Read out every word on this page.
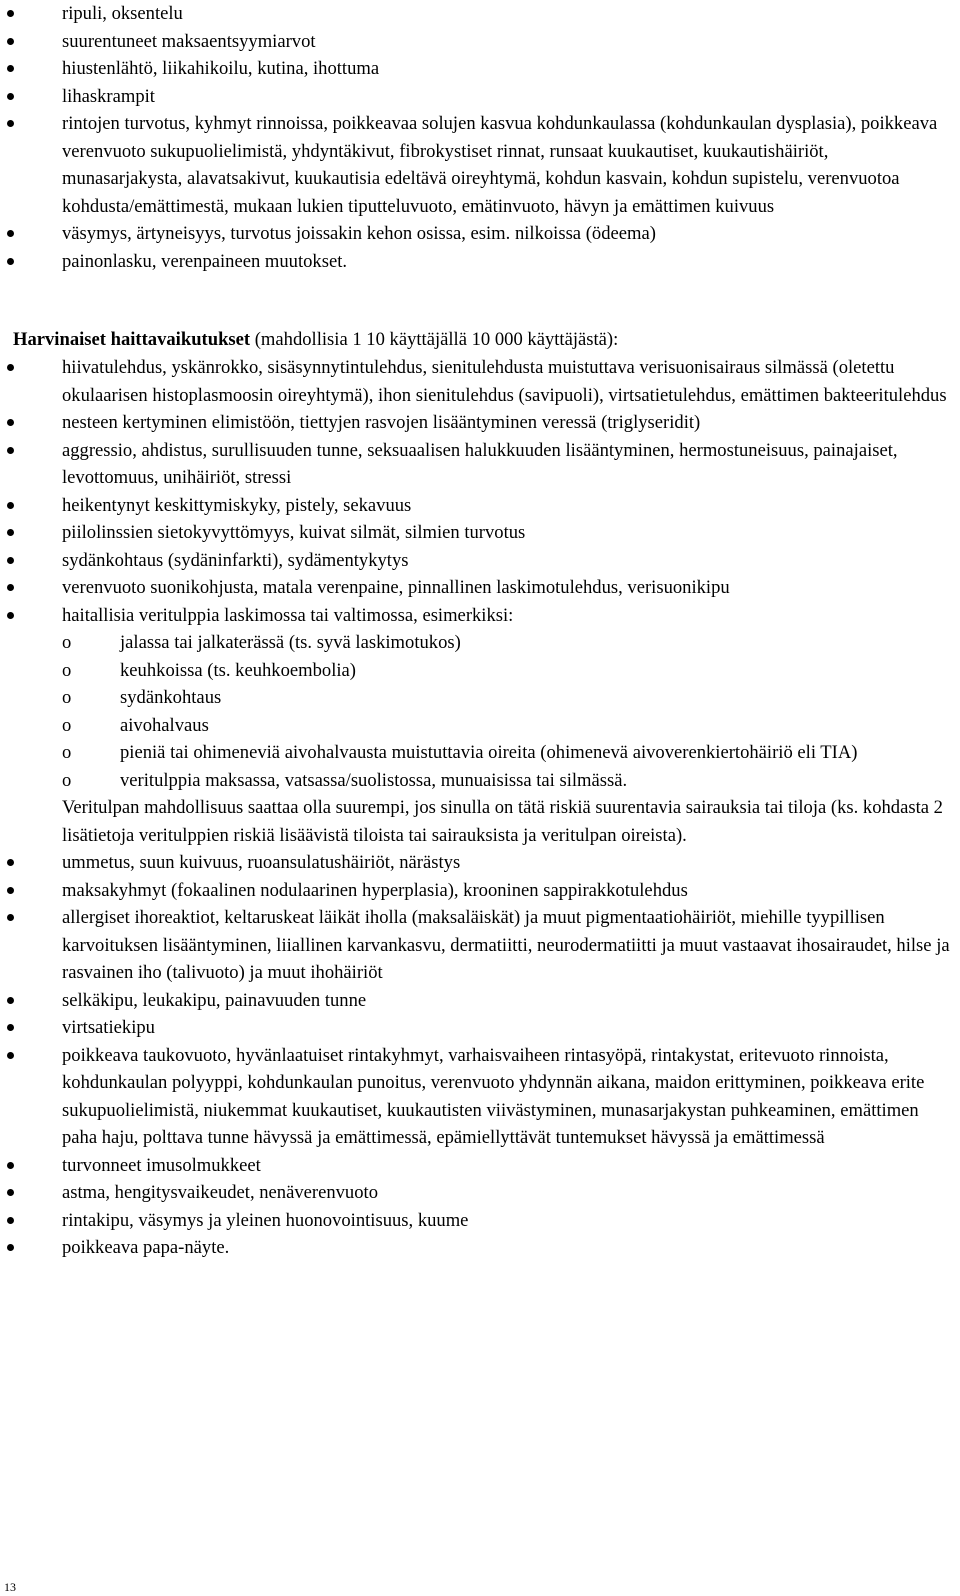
ripuli, oksentelu
suurentuneet maksaentsyymiarvot
hiustenlähtö, liikahikoilu, kutina, ihottuma
lihaskrampit
rintojen turvotus, kyhmyt rinnoissa, poikkeavaa solujen kasvua kohdunkaulassa (kohdunkaulan dysplasia), poikkeava verenvuoto sukupuolielimistä, yhdyntäkivut, fibrokystiset rinnat, runsaat kuukautiset, kuukautishäiriöt, munasarjakysta, alavatsakivut, kuukautisia edeltävä oireyhtymä, kohdun kasvain, kohdun supistelu, verenvuotoa kohdusta/emättimestä, mukaan lukien tiputteluvuoto, emätinvuoto, hävyn ja emättimen kuivuus
väsymys, ärtyneisyys, turvotus joissakin kehon osissa, esim. nilkoissa (ödeema)
painonlasku, verenpaineen muutokset.
Harvinaiset haittavaikutukset (mahdollisia 1 10 käyttäjällä 10 000 käyttäjästä):
hiivatulehdus, yskänrokko, sisäsynnytintulehdus, sienitulehdusta muistuttava verisuonisairaus silmässä (oletettu okulaarisen histoplasmoosin oireyhtymä), ihon sienitulehdus (savipuoli), virtsatietulehdus, emättimen bakteeritulehdus
nesteen kertyminen elimistöön, tiettyjen rasvojen lisääntyminen veressä (triglyseridit)
aggressio, ahdistus, surullisuuden tunne, seksuaalisen halukkuuden lisääntyminen, hermostuneisuus, painajaiset, levottomuus, unihäiriöt, stressi
heikentynyt keskittymiskyky, pistely, sekavuus
piilolinssien sietokyvyttömyys, kuivat silmät, silmien turvotus
sydänkohtaus (sydäninfarkti), sydämentykytys
verenvuoto suonikohjusta, matala verenpaine, pinnallinen laskimotulehdus, verisuonikipu
haitallisia veritulppia laskimossa tai valtimossa, esimerkiksi:
o	jalassa tai jalkaterässä (ts. syvä laskimotukos)
o	keuhkoissa (ts. keuhkoembolia)
o	sydänkohtaus
o	aivohalvaus
o	pieniä tai ohimeneviä aivohalvausta muistuttavia oireita (ohimenevä aivoverenkiertohäiriö eli TIA)
o	veritulppia maksassa, vatsassa/suolistossa, munuaisissa tai silmässä.
Veritulpan mahdollisuus saattaa olla suurempi, jos sinulla on tätä riskiä suurentavia sairauksia tai tiloja (ks. kohdasta 2 lisätietoja veritulppien riskiä lisäävistä tiloista tai sairauksista ja veritulpan oireista).
ummetus, suun kuivuus, ruoansulatushäiriöt, närästys
maksakyhmyt (fokaalinen nodulaarinen hyperplasia), krooninen sappirakkotulehdus
allergiset ihoreaktiot, keltaruskeat läikät iholla (maksaläiskät) ja muut pigmentaatiohäiriöt, miehille tyypillisen karvoituksen lisääntyminen, liiallinen karvankasvu, dermatiitti, neurodermatiitti ja muut vastaavat ihosairaudet, hilse ja rasvainen iho (talivuoto) ja muut ihohäiriöt
selkäkipu, leukakipu, painavuuden tunne
virtsatiekipu
poikkeava taukovuoto, hyvänlaatuiset rintakyhmyt, varhaisvaiheen rintasyöpä, rintakystat, eritevuoto rinnoista, kohdunkaulan polyyppi, kohdunkaulan punoitus, verenvuoto yhdynnän aikana, maidon erittyminen, poikkeava erite sukupuolielimistä, niukemmat kuukautiset, kuukautisten viivästyminen, munasarjakystan puhkeaminen, emättimen paha haju, polttava tunne hävyssä ja emättimessä, epämiellyttävät tuntemukset hävyssä ja emättimessä
turvonneet imusolmukkeet
astma, hengitysvaikeudet, nenäverenvuoto
rintakipu, väsymys ja yleinen huonovointisuus, kuume
poikkeava papa-näyte.
13
